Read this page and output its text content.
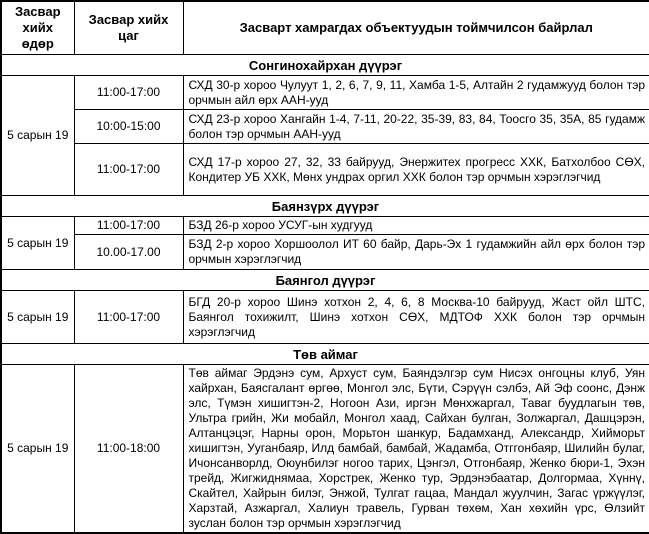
Засвар хийх өдөр	Засвар хийх цаг	Засварт хамрагдах объектуудын тоймчилсон байрлал
Сонгинохайрхан дүүрэг		
5 сарын 19	11:00-17:00	СХД 30-р хороо Чулуут 1, 2, 6, 7, 9, 11, Хамба 1-5, Алтайн 2 гудамжууд болон тэр орчмын айл өрх ААН-ууд
	10:00-15:00	СХД 23-р хороо Хангайн 1-4, 7-11, 20-22, 35-39, 83, 84, Тоосго 35, 35А, 85 гудамж болон тэр орчмын ААН-ууд
	11:00-17:00	СХД 17-р хороо 27, 32, 33 байрууд, Энержитех прогресс ХХК, Батхолбоо СӨХ, Кондитер УБ ХХК, Мөнх ундрах оргил ХХК болон тэр орчмын хэрэглэгчид
Баянзүрх дүүрэг		
5 сарын 19	11:00-17:00	БЗД 26-р хороо УСУГ-ын худгууд
	10.00-17.00	БЗД 2-р хороо Хоршоолол ИТ 60 байр, Дарь-Эх 1 гудамжийн айл өрх болон тэр орчмын хэрэглэгчид
Баянгол дүүрэг		
5 сарын 19	11:00-17:00	БГД 20-р хороо Шинэ хотхон 2, 4, 6, 8 Москва-10 байрууд, Жаст ойл ШТС, Баянгол тохижилт, Шинэ хотхон СӨХ, МДТОФ ХХК болон тэр орчмын хэрэглэгчид
Төв аймаг		
5 сарын 19	11:00-18:00	Төв аймаг Эрдэнэ сум, Архуст сум, Баяндэлгэр сум Нисэх онгоцны клуб, Уян хайрхан, Баясгалант өргөө, Монгол элс, Бүти, Сэрүүн сэлбэ, Ай Эф соонс, Дэнж элс, Түмэн хишигтэн-2, Ногоон Ази, иргэн Мөнхжаргал, Таваг буудлагын төв, Ультра грийн, Жи мобайл, Монгол хаад, Сайхан булган, Золжаргал, Дашцэрэн, Алтанцэцэг, Нарны орон, Морьтон шанкур, Бадамханд, Александр, Хийморьт хишигтэн, Ууганбаяр, Илд бамбай, бамбай, Жадамба, Отггонбаяр, Шилийн булаг, Ичонсанворлд, Оюунбилэг ногоо тарих, Цэнгэл, Отгонбаяр, Женко бюри-1, Эхэн трейд, Жигжиднямаа, Хорстрек, Женко тур, Эрдэнэбаатар, Долгормаа, Хүннү, Скайтел, Хайрын билэг, Энжой, Тулгат гацаа, Мандал жуулчин, Загас үржүүлэг, Харзтай, Азжаргал, Халиун травель, Гурван төхөм, Хан хөхийн үрс, Өлзийт зуслан болон тэр орчмын хэрэглэгчид
